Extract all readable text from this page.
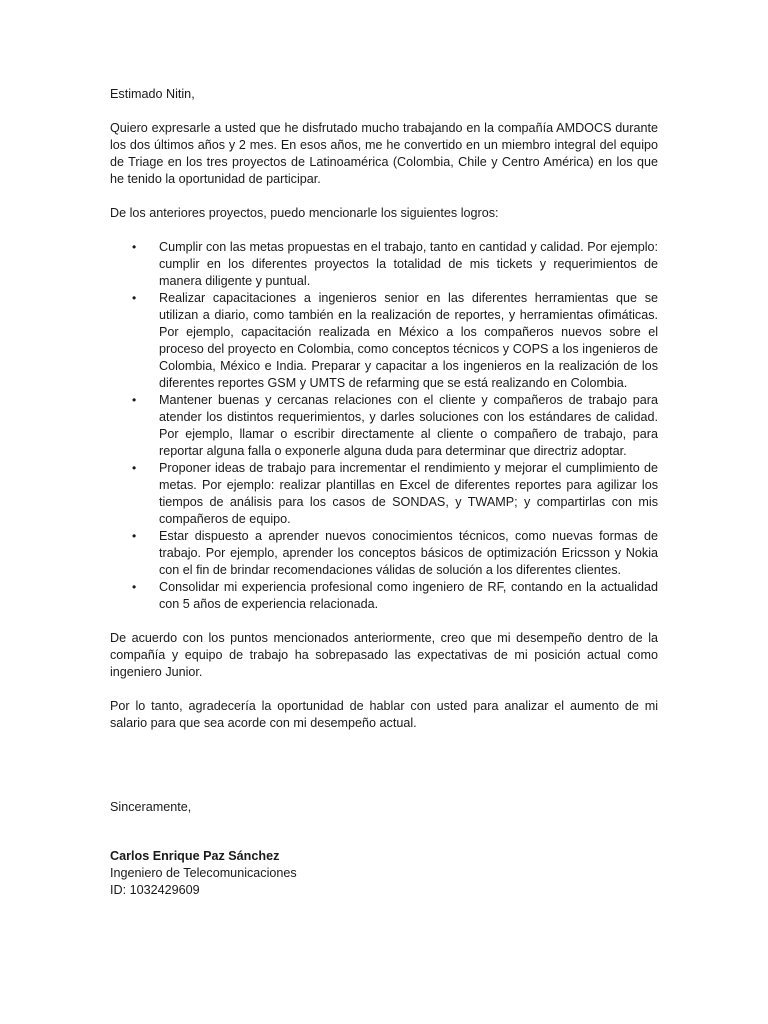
Estimado Nitin,

Quiero expresarle a usted que he disfrutado mucho trabajando en la compañía AMDOCS durante los dos últimos años y 2 mes. En esos años, me he convertido en un miembro integral del equipo de Triage en los tres proyectos de Latinoamérica (Colombia, Chile y Centro América) en los que he tenido la oportunidad de participar.

De los anteriores proyectos, puedo mencionarle los siguientes logros:

• Cumplir con las metas propuestas en el trabajo, tanto en cantidad y calidad. Por ejemplo: cumplir en los diferentes proyectos la totalidad de mis tickets y requerimientos de manera diligente y puntual.
• Realizar capacitaciones a ingenieros senior en las diferentes herramientas que se utilizan a diario, como también en la realización de reportes, y herramientas ofimáticas. Por ejemplo, capacitación realizada en México a los compañeros nuevos sobre el proceso del proyecto en Colombia, como conceptos técnicos y COPS a los ingenieros de Colombia, México e India. Preparar y capacitar a los ingenieros en la realización de los diferentes reportes GSM y UMTS de refarming que se está realizando en Colombia.
• Mantener buenas y cercanas relaciones con el cliente y compañeros de trabajo para atender los distintos requerimientos, y darles soluciones con los estándares de calidad. Por ejemplo, llamar o escribir directamente al cliente o compañero de trabajo, para reportar alguna falla o exponerle alguna duda para determinar que directriz adoptar.
• Proponer ideas de trabajo para incrementar el rendimiento y mejorar el cumplimiento de metas. Por ejemplo: realizar plantillas en Excel de diferentes reportes para agilizar los tiempos de análisis para los casos de SONDAS, y TWAMP; y compartirlas con mis compañeros de equipo.
• Estar dispuesto a aprender nuevos conocimientos técnicos, como nuevas formas de trabajo. Por ejemplo, aprender los conceptos básicos de optimización Ericsson y Nokia con el fin de brindar recomendaciones válidas de solución a los diferentes clientes.
• Consolidar mi experiencia profesional como ingeniero de RF, contando en la actualidad con 5 años de experiencia relacionada.

De acuerdo con los puntos mencionados anteriormente, creo que mi desempeño dentro de la compañía y equipo de trabajo ha sobrepasado las expectativas de mi posición actual como ingeniero Junior.

Por lo tanto, agradecería la oportunidad de hablar con usted para analizar el aumento de mi salario para que sea acorde con mi desempeño actual.

Sinceramente,

Carlos Enrique Paz Sánchez
Ingeniero de Telecomunicaciones
ID: 1032429609
